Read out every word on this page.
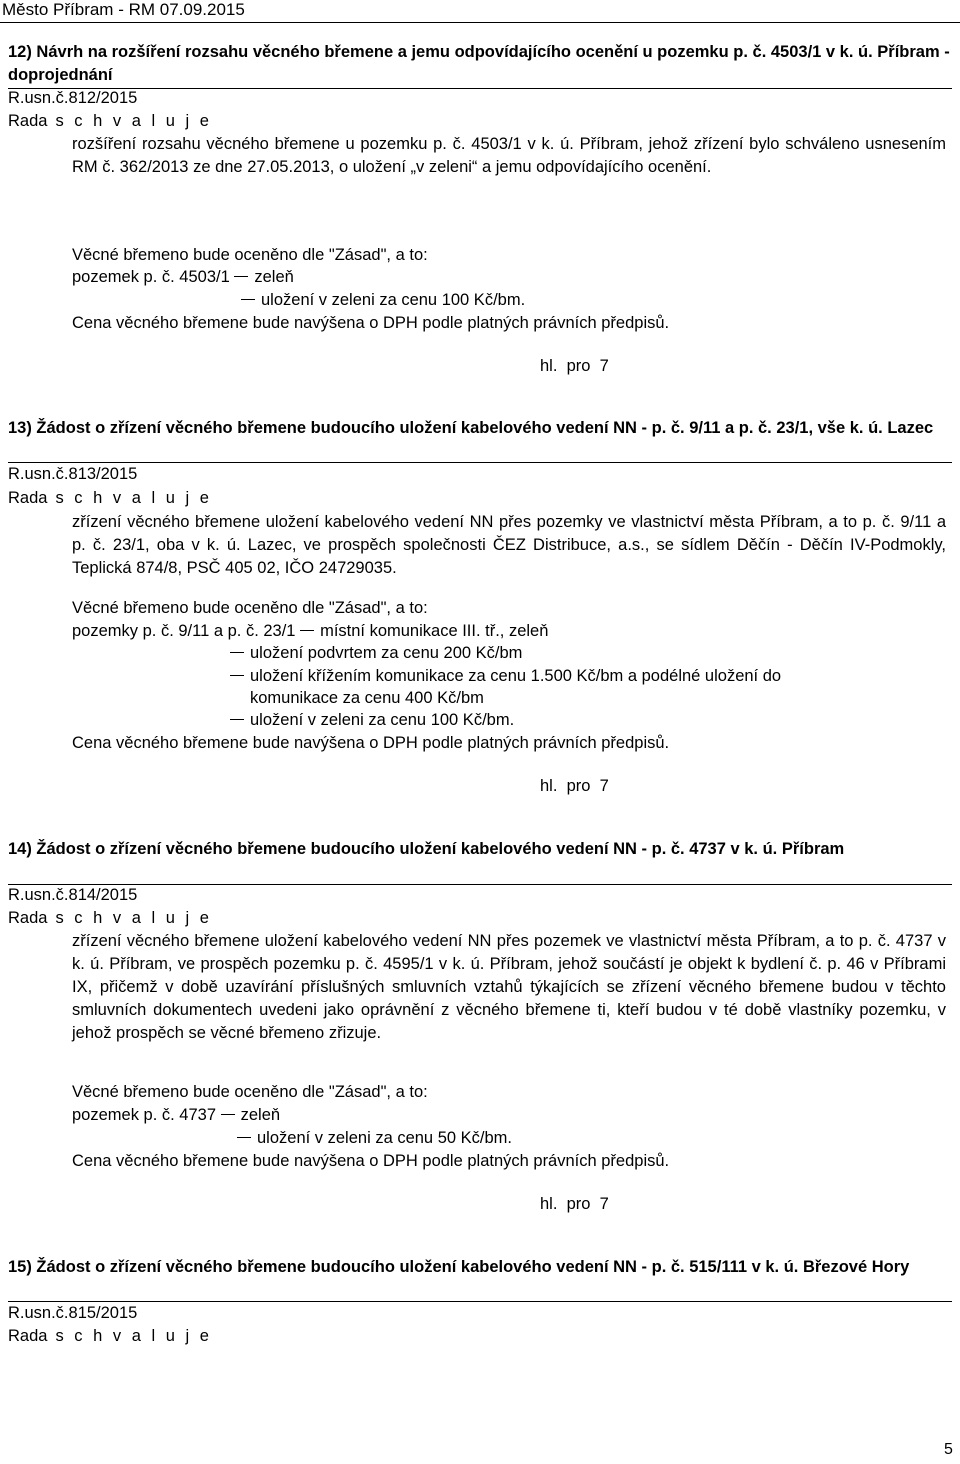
Město Příbram - RM 07.09.2015
12) Návrh na rozšíření rozsahu věcného břemene a jemu odpovídajícího ocenění u pozemku p. č. 4503/1 v k. ú. Příbram - doprojednání
R.usn.č.812/2015
Rada s c h v a l u j e
rozšíření rozsahu věcného břemene u pozemku p. č. 4503/1 v k. ú. Příbram, jehož zřízení bylo schváleno usnesením RM č. 362/2013 ze dne 27.05.2013, o uložení „v zeleni“ a jemu odpovídajícího ocenění.
Věcné břemeno bude oceněno dle "Zásad", a to:
pozemek p. č. 4503/1 zeleň
uložení v zeleni za cenu 100 Kč/bm.
Cena věcného břemene bude navýšena o DPH podle platných právních předpisů.
hl.  pro  7
13) Žádost o zřízení věcného břemene budoucího uložení kabelového vedení NN - p. č. 9/11 a p. č. 23/1, vše k. ú. Lazec
R.usn.č.813/2015
Rada s c h v a l u j e
zřízení věcného břemene uložení kabelového vedení NN přes pozemky ve vlastnictví města Příbram, a to p. č. 9/11 a p. č. 23/1, oba v k. ú. Lazec, ve prospěch společnosti ČEZ Distribuce, a.s., se sídlem Děčín - Děčín IV-Podmokly, Teplická 874/8, PSČ 405 02, IČO 24729035.
Věcné břemeno bude oceněno dle "Zásad", a to:
pozemky p. č. 9/11 a p. č. 23/1 místní komunikace III. tř., zeleň
uložení podvrtem za cenu 200 Kč/bm
uložení křížením komunikace za cenu 1.500 Kč/bm a podélné uložení do
komunikace za cenu 400 Kč/bm
uložení v zeleni za cenu 100 Kč/bm.
Cena věcného břemene bude navýšena o DPH podle platných právních předpisů.
hl.  pro  7
14) Žádost o zřízení věcného břemene budoucího uložení kabelového vedení NN - p. č. 4737 v k. ú. Příbram
R.usn.č.814/2015
Rada s c h v a l u j e
zřízení věcného břemene uložení kabelového vedení NN přes pozemek ve vlastnictví města Příbram, a to p. č. 4737 v k. ú. Příbram, ve prospěch pozemku p. č. 4595/1 v k. ú. Příbram, jehož součástí je objekt k bydlení č. p. 46 v Příbrami IX, přičemž v době uzavírání příslušných smluvních vztahů týkajících se zřízení věcného břemene budou v těchto smluvních dokumentech uvedeni jako oprávnění z věcného břemene ti, kteří budou v té době vlastníky pozemku, v jehož prospěch se věcné břemeno zřizuje.
Věcné břemeno bude oceněno dle "Zásad", a to:
pozemek p. č. 4737 zeleň
uložení v zeleni za cenu 50 Kč/bm.
Cena věcného břemene bude navýšena o DPH podle platných právních předpisů.
hl.  pro  7
15) Žádost o zřízení věcného břemene budoucího uložení kabelového vedení NN - p. č. 515/111 v k. ú. Březové Hory
R.usn.č.815/2015
Rada s c h v a l u j e
5
